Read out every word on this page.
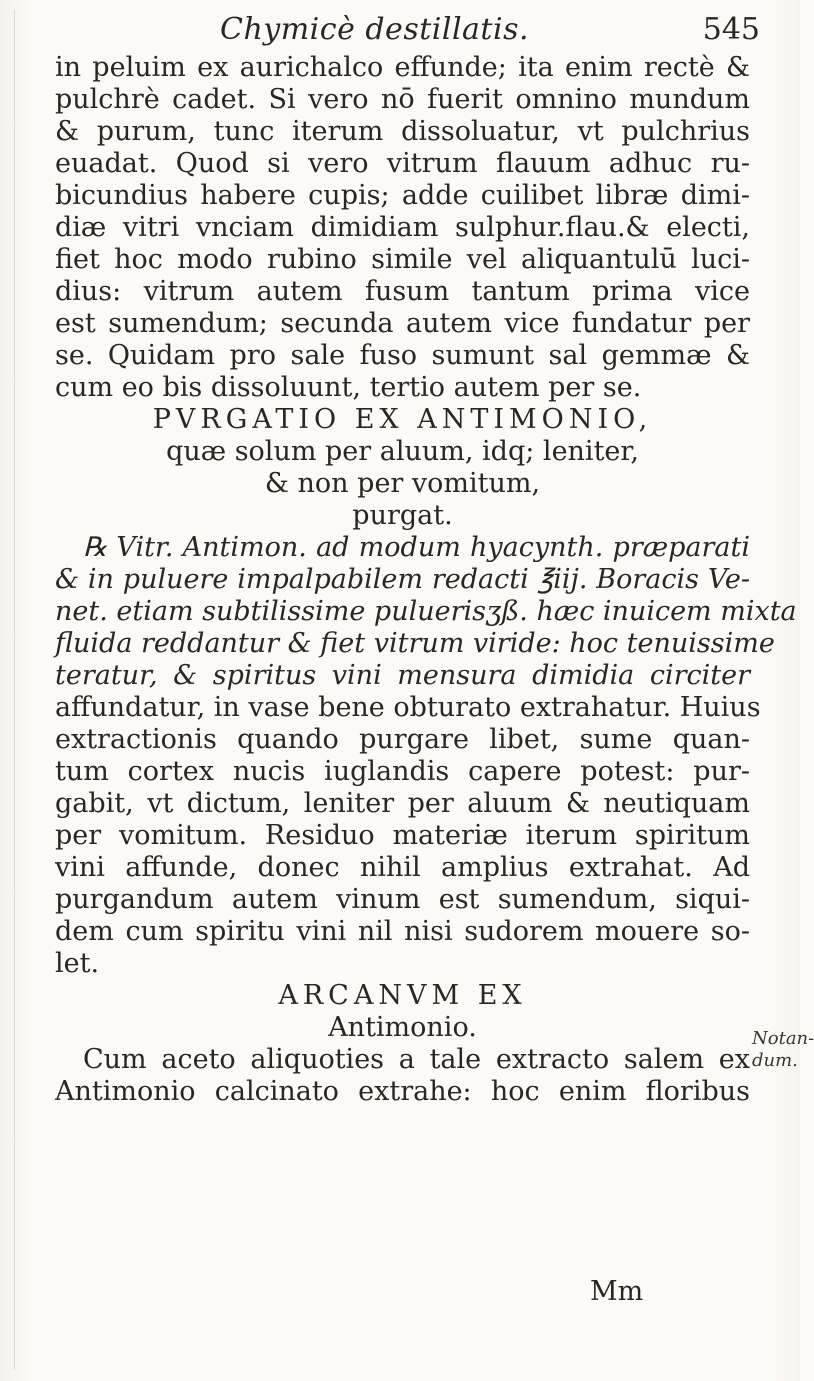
Chymicè destillatis.	545
in peluim ex aurichalco effunde; ita enim rectè &
pulchrè cadet. Si vero nō fuerit omnino mundum
& purum, tunc iterum dissoluatur, vt pulchrius
euadat. Quod si vero vitrum flauum adhuc ru-
bicundius habere cupis; adde cuilibet libræ dimi-
diæ vitri vnciam dimidiam sulphur.flau.& electi,
fiet hoc modo rubino simile vel aliquantulū luci-
dius: vitrum autem fusum tantum prima vice
est sumendum; secunda autem vice fundatur per
se. Quidam pro sale fuso sumunt sal gemmæ &
cum eo bis dissoluunt, tertio autem per se.
PVRGATIO EX ANTIMONIO,
quæ solum per aluum, idq; leniter,
& non per vomitum,
purgat.
℞ Vitr. Antimon. ad modum hyacynth. præparati
& in puluere impalpabilem redacti ℥iij. Boracis Ve-
net. etiam subtilissime puluerisʒß. hæc inuicem mixta
fluida reddantur & fiet vitrum viride: hoc tenuissime
teratur, & spiritus vini mensura dimidia circiter
affundatur, in vase bene obturato extrahatur. Huius
extractionis quando purgare libet, sume quan-
tum cortex nucis iuglandis capere potest: pur-
gabit, vt dictum, leniter per aluum & neutiquam
per vomitum. Residuo materiæ iterum spiritum
vini affunde, donec nihil amplius extrahat. Ad
purgandum autem vinum est sumendum, siqui-
dem cum spiritu vini nil nisi sudorem mouere so-
let.
ARCANVM EX
Antimonio.
Cum aceto aliquoties a tale extracto salem ex
Antimonio calcinato extrahe: hoc enim floribus
Notan-
dum.
Mm
